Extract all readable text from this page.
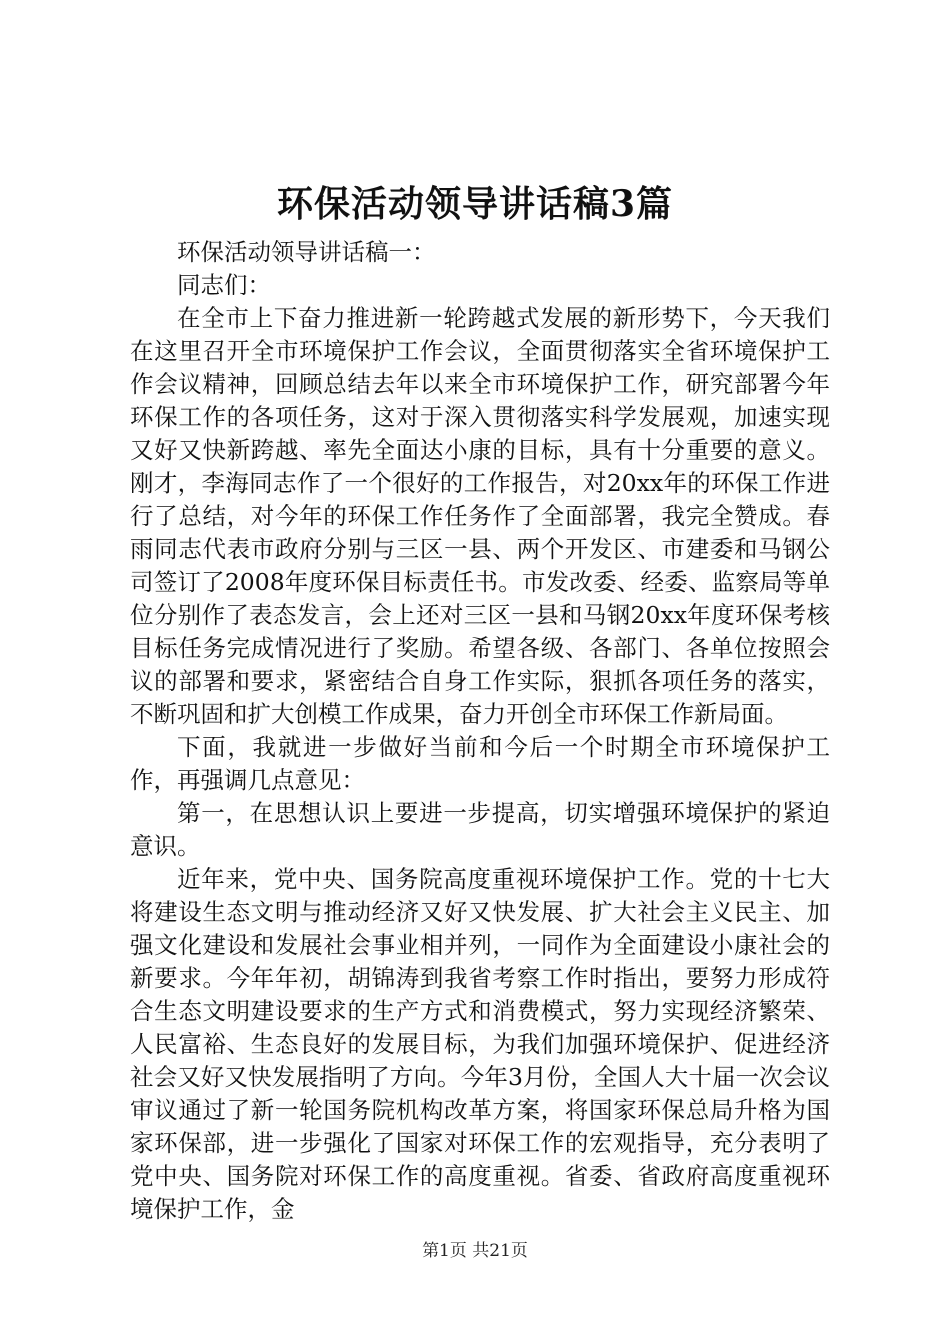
环保活动领导讲话稿3篇

环保活动领导讲话稿一：

同志们：

在全市上下奋力推进新一轮跨越式发展的新形势下，今天我们在这里召开全市环境保护工作会议，全面贯彻落实全省环境保护工作会议精神，回顾总结去年以来全市环境保护工作，研究部署今年环保工作的各项任务，这对于深入贯彻落实科学发展观，加速实现又好又快新跨越、率先全面达小康的目标，具有十分重要的意义。刚才，李海同志作了一个很好的工作报告，对20xx年的环保工作进行了总结，对今年的环保工作任务作了全面部署，我完全赞成。春雨同志代表市政府分别与三区一县、两个开发区、市建委和马钢公司签订了2008年度环保目标责任书。市发改委、经委、监察局等单位分别作了表态发言，会上还对三区一县和马钢20xx年度环保考核目标任务完成情况进行了奖励。希望各级、各部门、各单位按照会议的部署和要求，紧密结合自身工作实际，狠抓各项任务的落实，不断巩固和扩大创模工作成果，奋力开创全市环保工作新局面。

下面，我就进一步做好当前和今后一个时期全市环境保护工作，再强调几点意见：

第一，在思想认识上要进一步提高，切实增强环境保护的紧迫意识。

近年来，党中央、国务院高度重视环境保护工作。党的十七大将建设生态文明与推动经济又好又快发展、扩大社会主义民主、加强文化建设和发展社会事业相并列，一同作为全面建设小康社会的新要求。今年年初，胡锦涛到我省考察工作时指出，要努力形成符合生态文明建设要求的生产方式和消费模式，努力实现经济繁荣、人民富裕、生态良好的发展目标，为我们加强环境保护、促进经济社会又好又快发展指明了方向。今年3月份，全国人大十届一次会议审议通过了新一轮国务院机构改革方案，将国家环保总局升格为国家环保部，进一步强化了国家对环保工作的宏观指导，充分表明了党中央、国务院对环保工作的高度重视。省委、省政府高度重视环境保护工作，金

第1页 共21页
